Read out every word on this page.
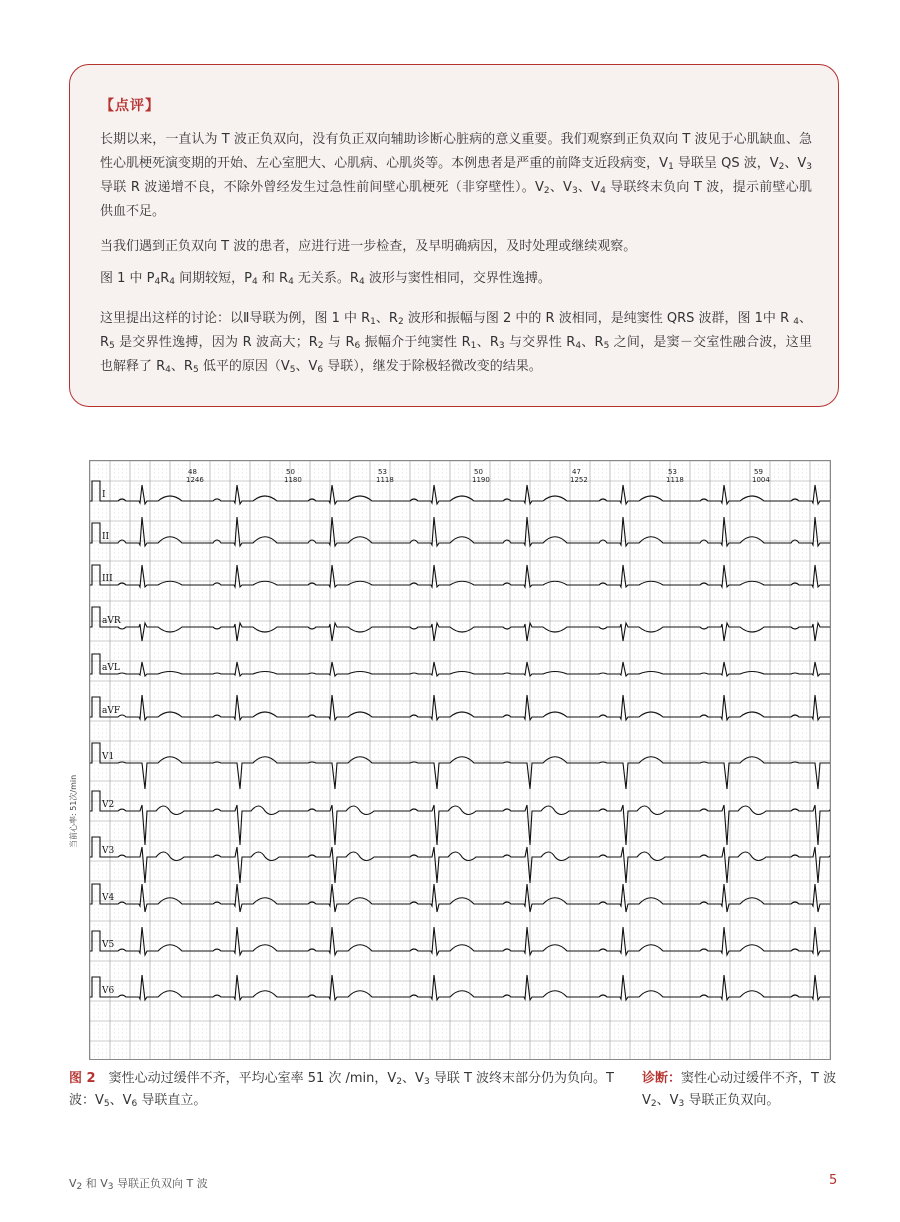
【点评】
长期以来，一直认为 T 波正负双向，没有负正双向辅助诊断心脏病的意义重要。我们观察到正负双向 T 波见于心肌缺血、急性心肌梗死演变期的开始、左心室肥大、心肌病、心肌炎等。本例患者是严重的前降支近段病变，$V_1$ 导联呈 QS 波，$V_2$、$V_3$ 导联 R 波递增不良，不除外曾经发生过急性前间壁心肌梗死（非穿壁性）。$V_2$、$V_3$、$V_4$ 导联终末负向 T 波，提示前壁心肌供血不足。
当我们遇到正负双向 T 波的患者，应进行进一步检查，及早明确病因，及时处理或继续观察。
图 1 中 $P_4R_4$ 间期较短，$P_4$ 和 $R_4$ 无关系。$R_4$ 波形与窦性相同，交界性逸搏。
这里提出这样的讨论：以Ⅱ导联为例，图 1 中 $R_1$、$R_2$ 波形和振幅与图 2 中的 R 波相同，是纯窦性 QRS 波群，图 1中 R $_4$、$R_5$ 是交界性逸搏，因为 R 波高大；$R_2$ 与 $R_6$ 振幅介于纯窦性 $R_1$、$R_3$ 与交界性 $R_4$、$R_5$ 之间，是窦－交室性融合波，这里也解释了 $R_4$、$R_5$ 低平的原因（$V_5$、$V_6$ 导联），继发于除极轻微改变的结果。
当前心率: 51次/min
48
1246
50
1180
53
1118
50
1190
47
1252
53
1118
59
1004
I
II
III
aVR
aVL
aVF
V1
V2
V3
V4
V5
V6
图 2　窦性心动过缓伴不齐，平均心室率 51 次 /min，$V_2$、$V_3$ 导联 T 波终末部分仍为负向。T 波：$V_5$、$V_6$ 导联直立。
诊断：窦性心动过缓伴不齐，T 波 $V_2$、$V_3$ 导联正负双向。
$V_2$ 和 $V_3$ 导联正负双向 T 波	5
